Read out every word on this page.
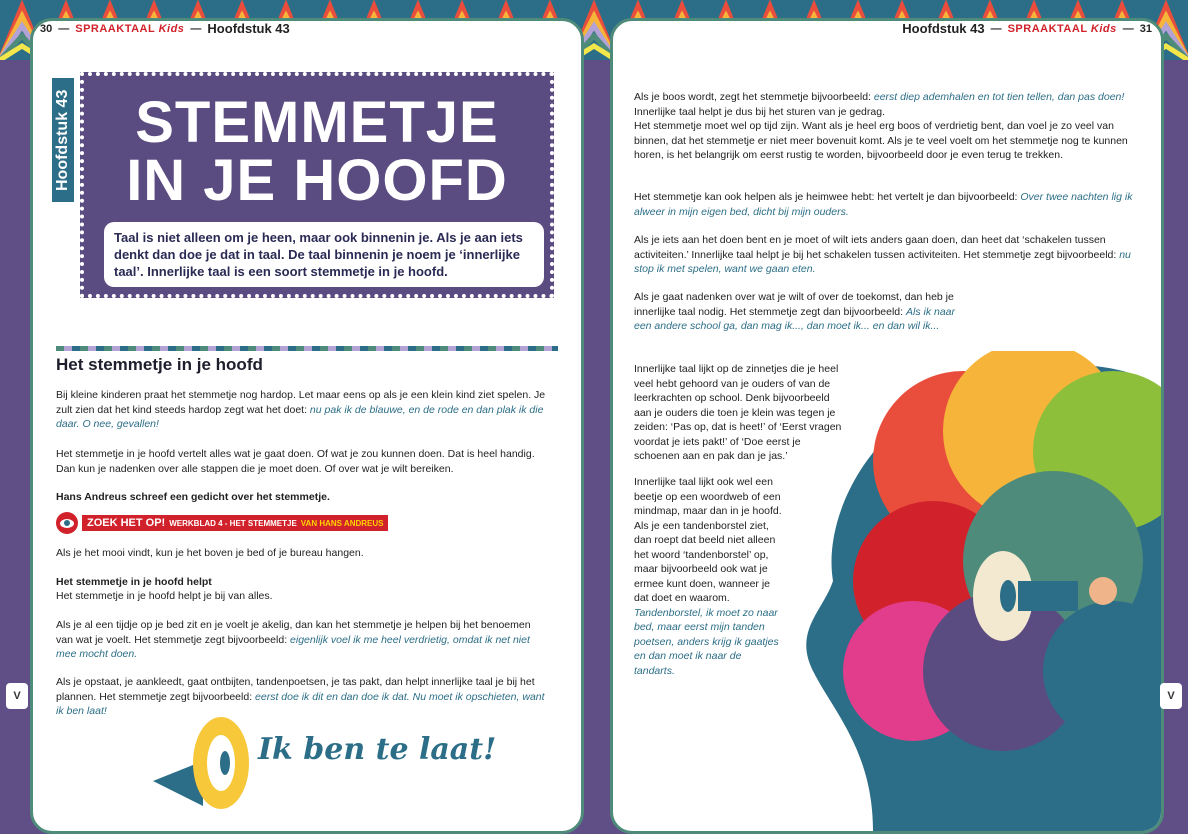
30 — SPRAAKTAAL Kids — Hoofdstuk 43	Hoofdstuk 43 — SPRAAKTAAL Kids — 31
Hoofdstuk 43	STEMMETJE
IN JE HOOFD
Taal is niet alleen om je heen, maar ook binnenin je. Als je aan iets denkt dan doe je dat in taal. De taal binnenin je noem je ‘innerlijke taal’. Innerlijke taal is een soort stemmetje in je hoofd.
Het stemmetje in je hoofd
Bij kleine kinderen praat het stemmetje nog hardop. Let maar eens op als je een klein kind ziet spelen. Je zult zien dat het kind steeds hardop zegt wat het doet: nu pak ik de blauwe, en de rode en dan plak ik die daar. O nee, gevallen!
Het stemmetje in je hoofd vertelt alles wat je gaat doen. Of wat je zou kunnen doen. Dat is heel handig. Dan kun je nadenken over alle stappen die je moet doen. Of over wat je wilt bereiken.
Hans Andreus schreef een gedicht over het stemmetje.
ZOEK HET OP! WERKBLAD 4 - HET STEMMETJE VAN HANS ANDREUS
Als je het mooi vindt, kun je het boven je bed of je bureau hangen.
Het stemmetje in je hoofd helpt
Het stemmetje in je hoofd helpt je bij van alles.
Als je al een tijdje op je bed zit en je voelt je akelig, dan kan het stemmetje je helpen bij het benoemen van wat je voelt. Het stemmetje zegt bijvoorbeeld: eigenlijk voel ik me heel verdrietig, omdat ik net niet mee mocht doen.
Als je opstaat, je aankleedt, gaat ontbijten, tandenpoetsen, je tas pakt, dan helpt innerlijke taal je bij het plannen. Het stemmetje zegt bijvoorbeeld: eerst doe ik dit en dan doe ik dat. Nu moet ik opschieten, want ik ben laat!
Ik ben te laat!
V	V
Als je boos wordt, zegt het stemmetje bijvoorbeeld: eerst diep ademhalen en tot tien tellen, dan pas doen! Innerlijke taal helpt je dus bij het sturen van je gedrag.
Het stemmetje moet wel op tijd zijn. Want als je heel erg boos of verdrietig bent, dan voel je zo veel van binnen, dat het stemmetje er niet meer bovenuit komt. Als je te veel voelt om het stemmetje nog te kunnen horen, is het belangrijk om eerst rustig te worden, bijvoorbeeld door je even terug te trekken.
Het stemmetje kan ook helpen als je heimwee hebt: het vertelt je dan bijvoorbeeld: Over twee nachten lig ik alweer in mijn eigen bed, dicht bij mijn ouders.
Als je iets aan het doen bent en je moet of wilt iets anders gaan doen, dan heet dat ‘schakelen tussen activiteiten.’ Innerlijke taal helpt je bij het schakelen tussen activiteiten. Het stemmetje zegt bijvoorbeeld: nu stop ik met spelen, want we gaan eten.
Als je gaat nadenken over wat je wilt of over de toekomst, dan heb je innerlijke taal nodig. Het stemmetje zegt dan bijvoorbeeld: Als ik naar een andere school ga, dan mag ik..., dan moet ik... en dan wil ik...
Innerlijke taal lijkt op de zinnetjes die je heel veel hebt gehoord van je ouders of van de leerkrachten op school. Denk bijvoorbeeld aan je ouders die toen je klein was tegen je zeiden: ‘Pas op, dat is heet!’ of ‘Eerst vragen voordat je iets pakt!’ of ‘Doe eerst je schoenen aan en pak dan je jas.’
Innerlijke taal lijkt ook wel een beetje op een woordweb of een mindmap, maar dan in je hoofd. Als je een tandenborstel ziet, dan roept dat beeld niet alleen het woord ‘tandenborstel’ op, maar bijvoorbeeld ook wat je ermee kunt doen, wanneer je dat doet en waarom. Tandenborstel, ik moet zo naar bed, maar eerst mijn tanden poetsen, anders krijg ik gaatjes en dan moet ik naar de tandarts.
